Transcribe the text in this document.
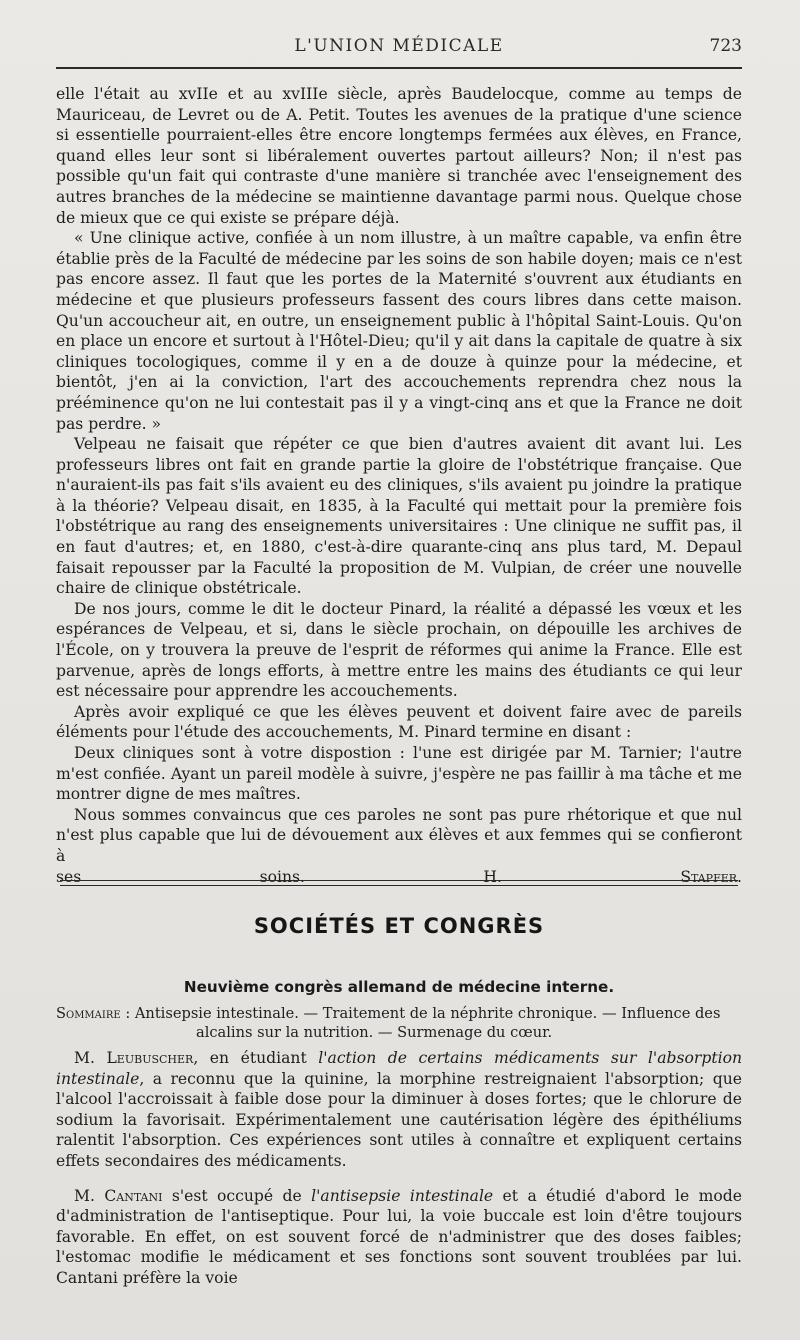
L'UNION MÉDICALE	723

elle l'était au xvIIe et au xvIIIe siècle, après Baudelocque, comme au temps de Mauriceau, de Levret ou de A. Petit. Toutes les avenues de la pratique d'une science si essentielle pourraient-elles être encore longtemps fermées aux élèves, en France, quand elles leur sont si libéralement ouvertes partout ailleurs? Non; il n'est pas possible qu'un fait qui contraste d'une manière si tranchée avec l'enseignement des autres branches de la médecine se maintienne davantage parmi nous. Quelque chose de mieux que ce qui existe se prépare déjà.

« Une clinique active, confiée à un nom illustre, à un maître capable, va enfin être établie près de la Faculté de médecine par les soins de son habile doyen; mais ce n'est pas encore assez. Il faut que les portes de la Maternité s'ouvrent aux étudiants en médecine et que plusieurs professeurs fassent des cours libres dans cette maison. Qu'un accoucheur ait, en outre, un enseignement public à l'hôpital Saint-Louis. Qu'on en place un encore et surtout à l'Hôtel-Dieu; qu'il y ait dans la capitale de quatre à six cliniques tocologiques, comme il y en a de douze à quinze pour la médecine, et bientôt, j'en ai la conviction, l'art des accouchements reprendra chez nous la prééminence qu'on ne lui contestait pas il y a vingt-cinq ans et que la France ne doit pas perdre. »

Velpeau ne faisait que répéter ce que bien d'autres avaient dit avant lui. Les professeurs libres ont fait en grande partie la gloire de l'obstétrique française. Que n'auraient-ils pas fait s'ils avaient eu des cliniques, s'ils avaient pu joindre la pratique à la théorie? Velpeau disait, en 1835, à la Faculté qui mettait pour la première fois l'obstétrique au rang des enseignements universitaires : Une clinique ne suffit pas, il en faut d'autres; et, en 1880, c'est-à-dire quarante-cinq ans plus tard, M. Depaul faisait repousser par la Faculté la proposition de M. Vulpian, de créer une nouvelle chaire de clinique obstétricale.

De nos jours, comme le dit le docteur Pinard, la réalité a dépassé les vœux et les espérances de Velpeau, et si, dans le siècle prochain, on dépouille les archives de l'École, on y trouvera la preuve de l'esprit de réformes qui anime la France. Elle est parvenue, après de longs efforts, à mettre entre les mains des étudiants ce qui leur est nécessaire pour apprendre les accouchements.

Après avoir expliqué ce que les élèves peuvent et doivent faire avec de pareils éléments pour l'étude des accouchements, M. Pinard termine en disant :

Deux cliniques sont à votre dispostion : l'une est dirigée par M. Tarnier; l'autre m'est confiée. Ayant un pareil modèle à suivre, j'espère ne pas faillir à ma tâche et me montrer digne de mes maîtres.

Nous sommes convaincus que ces paroles ne sont pas pure rhétorique et que nul n'est plus capable que lui de dévouement aux élèves et aux femmes qui se confieront à

ses soins.	H. Stapfer.
SOCIÉTÉS ET CONGRÈS
Neuvième congrès allemand de médecine interne.
Sommaire : Antisepsie intestinale. — Traitement de la néphrite chronique. — Influence des alcalins sur la nutrition. — Surmenage du cœur.

M. Leubuscher, en étudiant l'action de certains médicaments sur l'absorption intestinale, a reconnu que la quinine, la morphine restreignaient l'absorption; que l'alcool l'accroissait à faible dose pour la diminuer à doses fortes; que le chlorure de sodium la favorisait. Expérimentalement une cautérisation légère des épithéliums ralentit l'absorption. Ces expériences sont utiles à connaître et expliquent certains effets secondaires des médicaments.

M. Cantani s'est occupé de l'antisepsie intestinale et a étudié d'abord le mode d'administration de l'antiseptique. Pour lui, la voie buccale est loin d'être toujours favorable. En effet, on est souvent forcé de n'administrer que des doses faibles; l'estomac modifie le médicament et ses fonctions sont souvent troublées par lui. Cantani préfère la voie
